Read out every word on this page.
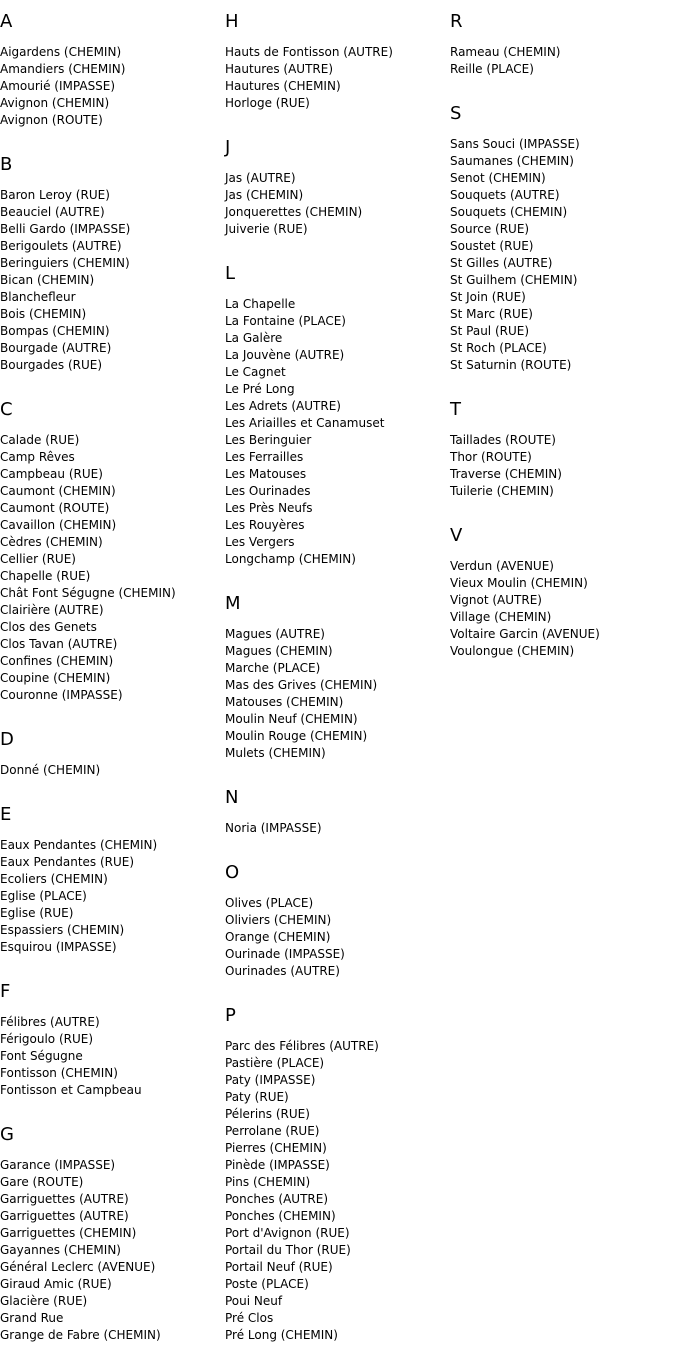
A
Aigardens (CHEMIN)
Amandiers (CHEMIN)
Amourié (IMPASSE)
Avignon (CHEMIN)
Avignon (ROUTE)
B
Baron Leroy (RUE)
Beauciel (AUTRE)
Belli Gardo (IMPASSE)
Berigoulets (AUTRE)
Beringuiers (CHEMIN)
Bican (CHEMIN)
Blanchefleur
Bois (CHEMIN)
Bompas (CHEMIN)
Bourgade (AUTRE)
Bourgades (RUE)
C
Calade (RUE)
Camp Rêves
Campbeau (RUE)
Caumont (CHEMIN)
Caumont (ROUTE)
Cavaillon (CHEMIN)
Cèdres (CHEMIN)
Cellier (RUE)
Chapelle (RUE)
Chât Font Ségugne (CHEMIN)
Clairière (AUTRE)
Clos des Genets
Clos Tavan (AUTRE)
Confines (CHEMIN)
Coupine (CHEMIN)
Couronne (IMPASSE)
D
Donné (CHEMIN)
E
Eaux Pendantes (CHEMIN)
Eaux Pendantes (RUE)
Ecoliers (CHEMIN)
Eglise (PLACE)
Eglise (RUE)
Espassiers (CHEMIN)
Esquirou (IMPASSE)
F
Félibres (AUTRE)
Férigoulo (RUE)
Font Ségugne
Fontisson (CHEMIN)
Fontisson et Campbeau
G
Garance (IMPASSE)
Gare (ROUTE)
Garriguettes (AUTRE)
Garriguettes (AUTRE)
Garriguettes (CHEMIN)
Gayannes (CHEMIN)
Général Leclerc (AVENUE)
Giraud Amic (RUE)
Glacière (RUE)
Grand Rue
Grange de Fabre (CHEMIN)
H
Hauts de Fontisson (AUTRE)
Hautures (AUTRE)
Hautures (CHEMIN)
Horloge (RUE)
J
Jas (AUTRE)
Jas (CHEMIN)
Jonquerettes (CHEMIN)
Juiverie (RUE)
L
La Chapelle
La Fontaine (PLACE)
La Galère
La Jouvène (AUTRE)
Le Cagnet
Le Pré Long
Les Adrets (AUTRE)
Les Ariailles et Canamuset
Les Beringuier
Les Ferrailles
Les Matouses
Les Ourinades
Les Près Neufs
Les Rouyères
Les Vergers
Longchamp (CHEMIN)
M
Magues (AUTRE)
Magues (CHEMIN)
Marche (PLACE)
Mas des Grives (CHEMIN)
Matouses (CHEMIN)
Moulin Neuf (CHEMIN)
Moulin Rouge (CHEMIN)
Mulets (CHEMIN)
N
Noria (IMPASSE)
O
Olives (PLACE)
Oliviers (CHEMIN)
Orange (CHEMIN)
Ourinade (IMPASSE)
Ourinades (AUTRE)
P
Parc des Félibres (AUTRE)
Pastière (PLACE)
Paty (IMPASSE)
Paty (RUE)
Pélerins (RUE)
Perrolane (RUE)
Pierres (CHEMIN)
Pinède (IMPASSE)
Pins (CHEMIN)
Ponches (AUTRE)
Ponches (CHEMIN)
Port d'Avignon (RUE)
Portail du Thor (RUE)
Portail Neuf (RUE)
Poste (PLACE)
Poui Neuf
Pré Clos
Pré Long (CHEMIN)
R
Rameau (CHEMIN)
Reille (PLACE)
S
Sans Souci (IMPASSE)
Saumanes (CHEMIN)
Senot (CHEMIN)
Souquets (AUTRE)
Souquets (CHEMIN)
Source (RUE)
Soustet (RUE)
St Gilles (AUTRE)
St Guilhem (CHEMIN)
St Join (RUE)
St Marc (RUE)
St Paul (RUE)
St Roch (PLACE)
St Saturnin (ROUTE)
T
Taillades (ROUTE)
Thor (ROUTE)
Traverse (CHEMIN)
Tuilerie (CHEMIN)
V
Verdun (AVENUE)
Vieux Moulin (CHEMIN)
Vignot (AUTRE)
Village (CHEMIN)
Voltaire Garcin (AVENUE)
Voulongue (CHEMIN)
